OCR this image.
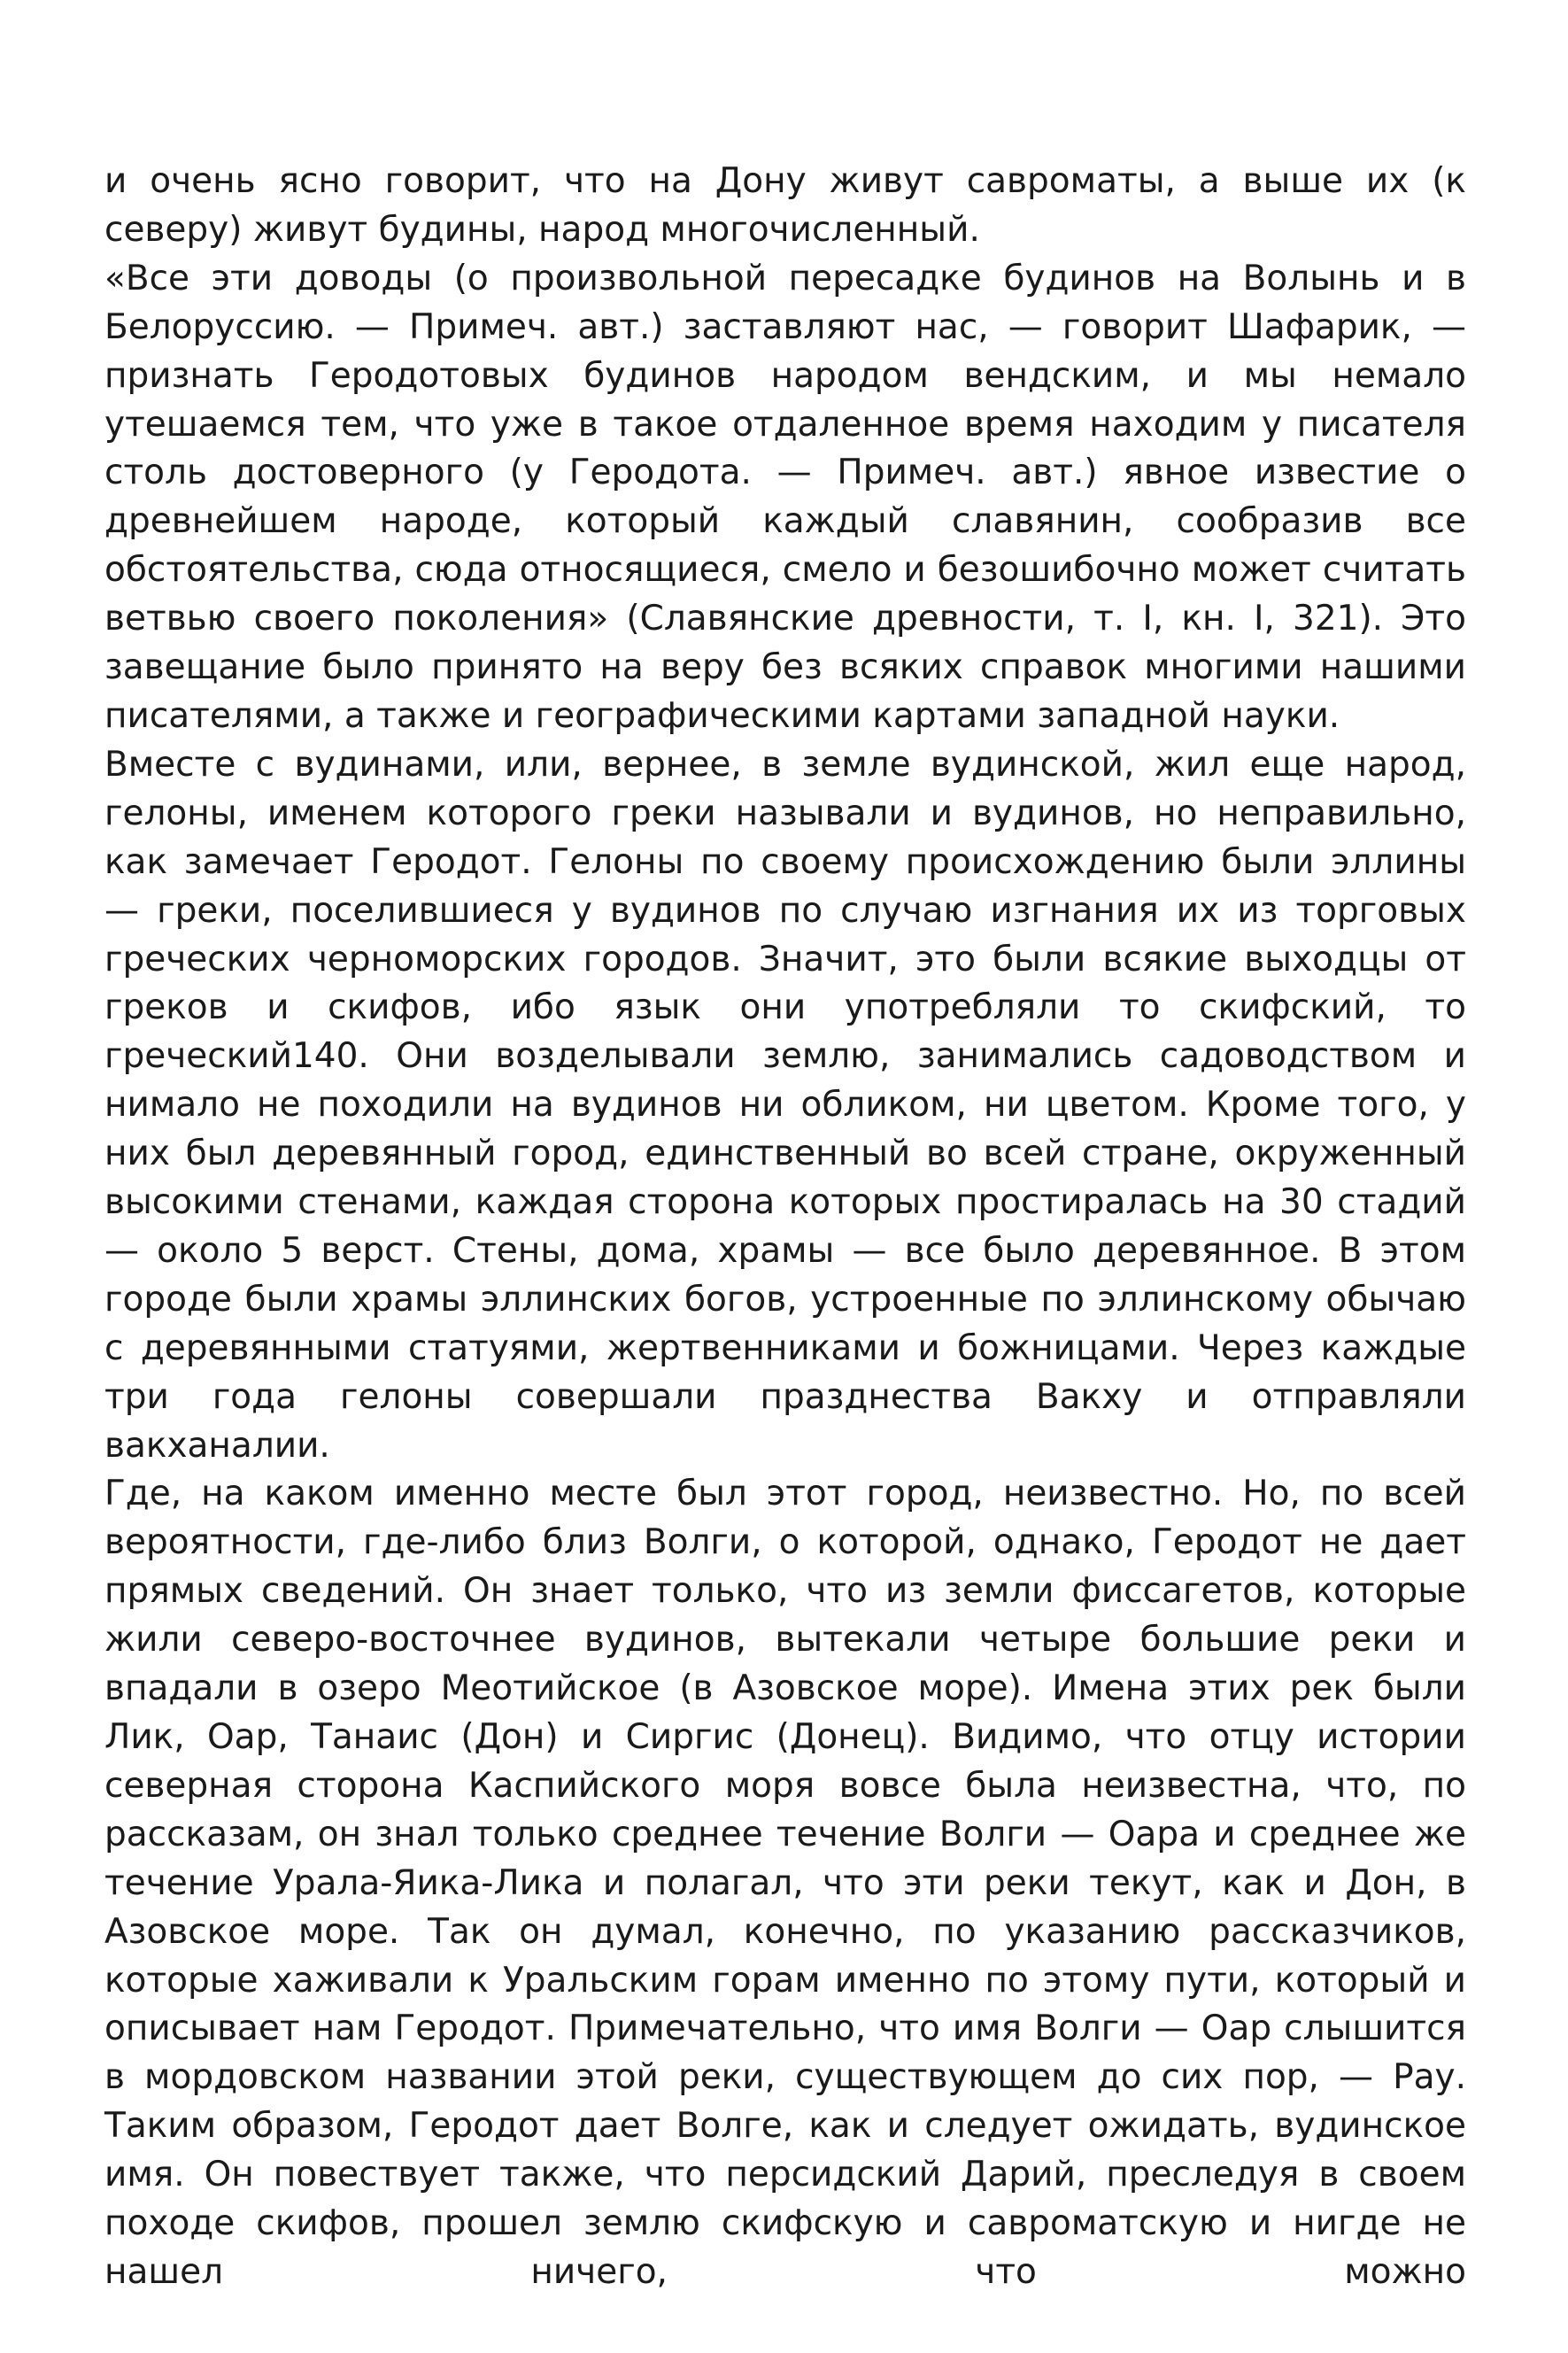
и очень ясно говорит, что на Дону живут савроматы, а выше их (к северу) живут будины, народ многочисленный.

«Все эти доводы (о произвольной пересадке будинов на Волынь и в Белоруссию. — Примеч. авт.) заставляют нас, — говорит Шафарик, — признать Геродотовых будинов народом вендским, и мы немало утешаемся тем, что уже в такое отдаленное время находим у писателя столь достоверного (у Геродота. — Примеч. авт.) явное известие о древнейшем народе, который каждый славянин, сообразив все обстоятельства, сюда относящиеся, смело и безошибочно может считать ветвью своего поколения» (Славянские древности, т. I, кн. I, 321). Это завещание было принято на веру без всяких справок многими нашими писателями, а также и географическими картами западной науки.

Вместе с вудинами, или, вернее, в земле вудинской, жил еще народ, гелоны, именем которого греки называли и вудинов, но неправильно, как замечает Геродот. Гелоны по своему происхождению были эллины — греки, поселившиеся у вудинов по случаю изгнания их из торговых греческих черноморских городов. Значит, это были всякие выходцы от греков и скифов, ибо язык они употребляли то скифский, то греческий140. Они возделывали землю, занимались садоводством и нимало не походили на вудинов ни обликом, ни цветом. Кроме того, у них был деревянный город, единственный во всей стране, окруженный высокими стенами, каждая сторона которых простиралась на 30 стадий — около 5 верст. Стены, дома, храмы — все было деревянное. В этом городе были храмы эллинских богов, устроенные по эллинскому обычаю с деревянными статуями, жертвенниками и божницами. Через каждые три года гелоны совершали празднества Вакху и отправляли вакханалии.

Где, на каком именно месте был этот город, неизвестно. Но, по всей вероятности, где-либо близ Волги, о которой, однако, Геродот не дает прямых сведений. Он знает только, что из земли фиссагетов, которые жили северо-восточнее вудинов, вытекали четыре большие реки и впадали в озеро Меотийское (в Азовское море). Имена этих рек были Лик, Оар, Танаис (Дон) и Сиргис (Донец). Видимо, что отцу истории северная сторона Каспийского моря вовсе была неизвестна, что, по рассказам, он знал только среднее течение Волги — Оара и среднее же течение Урала-Яика-Лика и полагал, что эти реки текут, как и Дон, в Азовское море. Так он думал, конечно, по указанию рассказчиков, которые хаживали к Уральским горам именно по этому пути, который и описывает нам Геродот. Примечательно, что имя Волги — Оар слышится в мордовском названии этой реки, существующем до сих пор, — Рау. Таким образом, Геродот дает Волге, как и следует ожидать, вудинское имя. Он повествует также, что персидский Дарий, преследуя в своем походе скифов, прошел землю скифскую и савроматскую и нигде не нашел ничего, что можно
